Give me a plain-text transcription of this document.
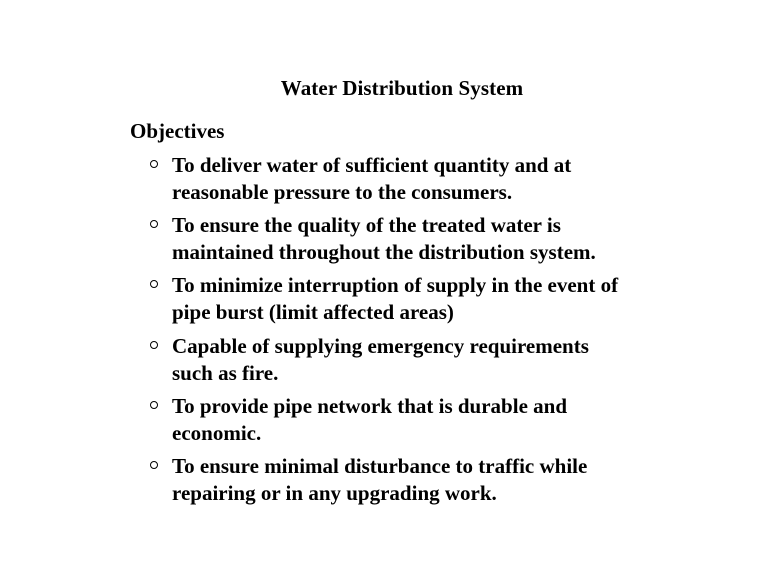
Water Distribution System
Objectives
To deliver water of sufficient quantity and at
reasonable pressure to the consumers.
To ensure the quality of the treated water is
maintained throughout the distribution system.
To minimize interruption of supply in the event of
pipe burst (limit affected areas)
Capable of supplying emergency requirements
such as fire.
To provide pipe network that is durable and
economic.
To ensure minimal disturbance to traffic while
repairing or in any upgrading work.
